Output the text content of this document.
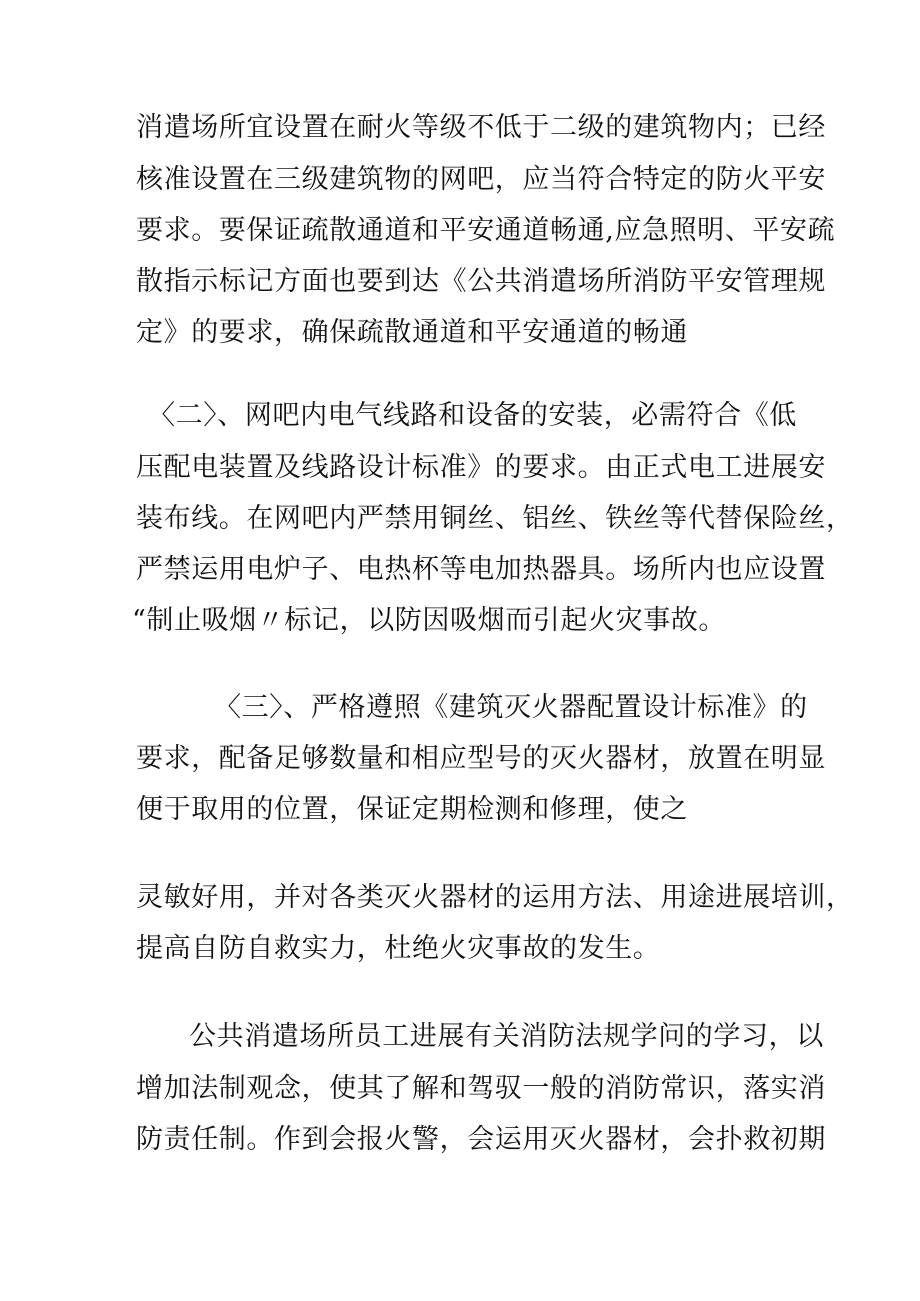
消遣场所宜设置在耐火等级不低于二级的建筑物内；已经
核准设置在三级建筑物的网吧，应当符合特定的防火平安
要求。要保证疏散通道和平安通道畅通,应急照明、平安疏
散指示标记方面也要到达《公共消遣场所消防平安管理规
定》的要求，确保疏散通道和平安通道的畅通
〈二〉、网吧内电气线路和设备的安装，必需符合《低
压配电装置及线路设计标准》的要求。由正式电工进展安
装布线。在网吧内严禁用铜丝、铝丝、铁丝等代替保险丝，
严禁运用电炉子、电热杯等电加热器具。场所内也应设置
“制止吸烟〃标记，以防因吸烟而引起火灾事故。
〈三〉、严格遵照《建筑灭火器配置设计标准》的
要求，配备足够数量和相应型号的灭火器材，放置在明显
便于取用的位置，保证定期检测和修理，使之
灵敏好用，并对各类灭火器材的运用方法、用途进展培训，
提高自防自救实力，杜绝火灾事故的发生。
公共消遣场所员工进展有关消防法规学问的学习，以
增加法制观念，使其了解和驾驭一般的消防常识，落实消
防责任制。作到会报火警，会运用灭火器材，会扑救初期
